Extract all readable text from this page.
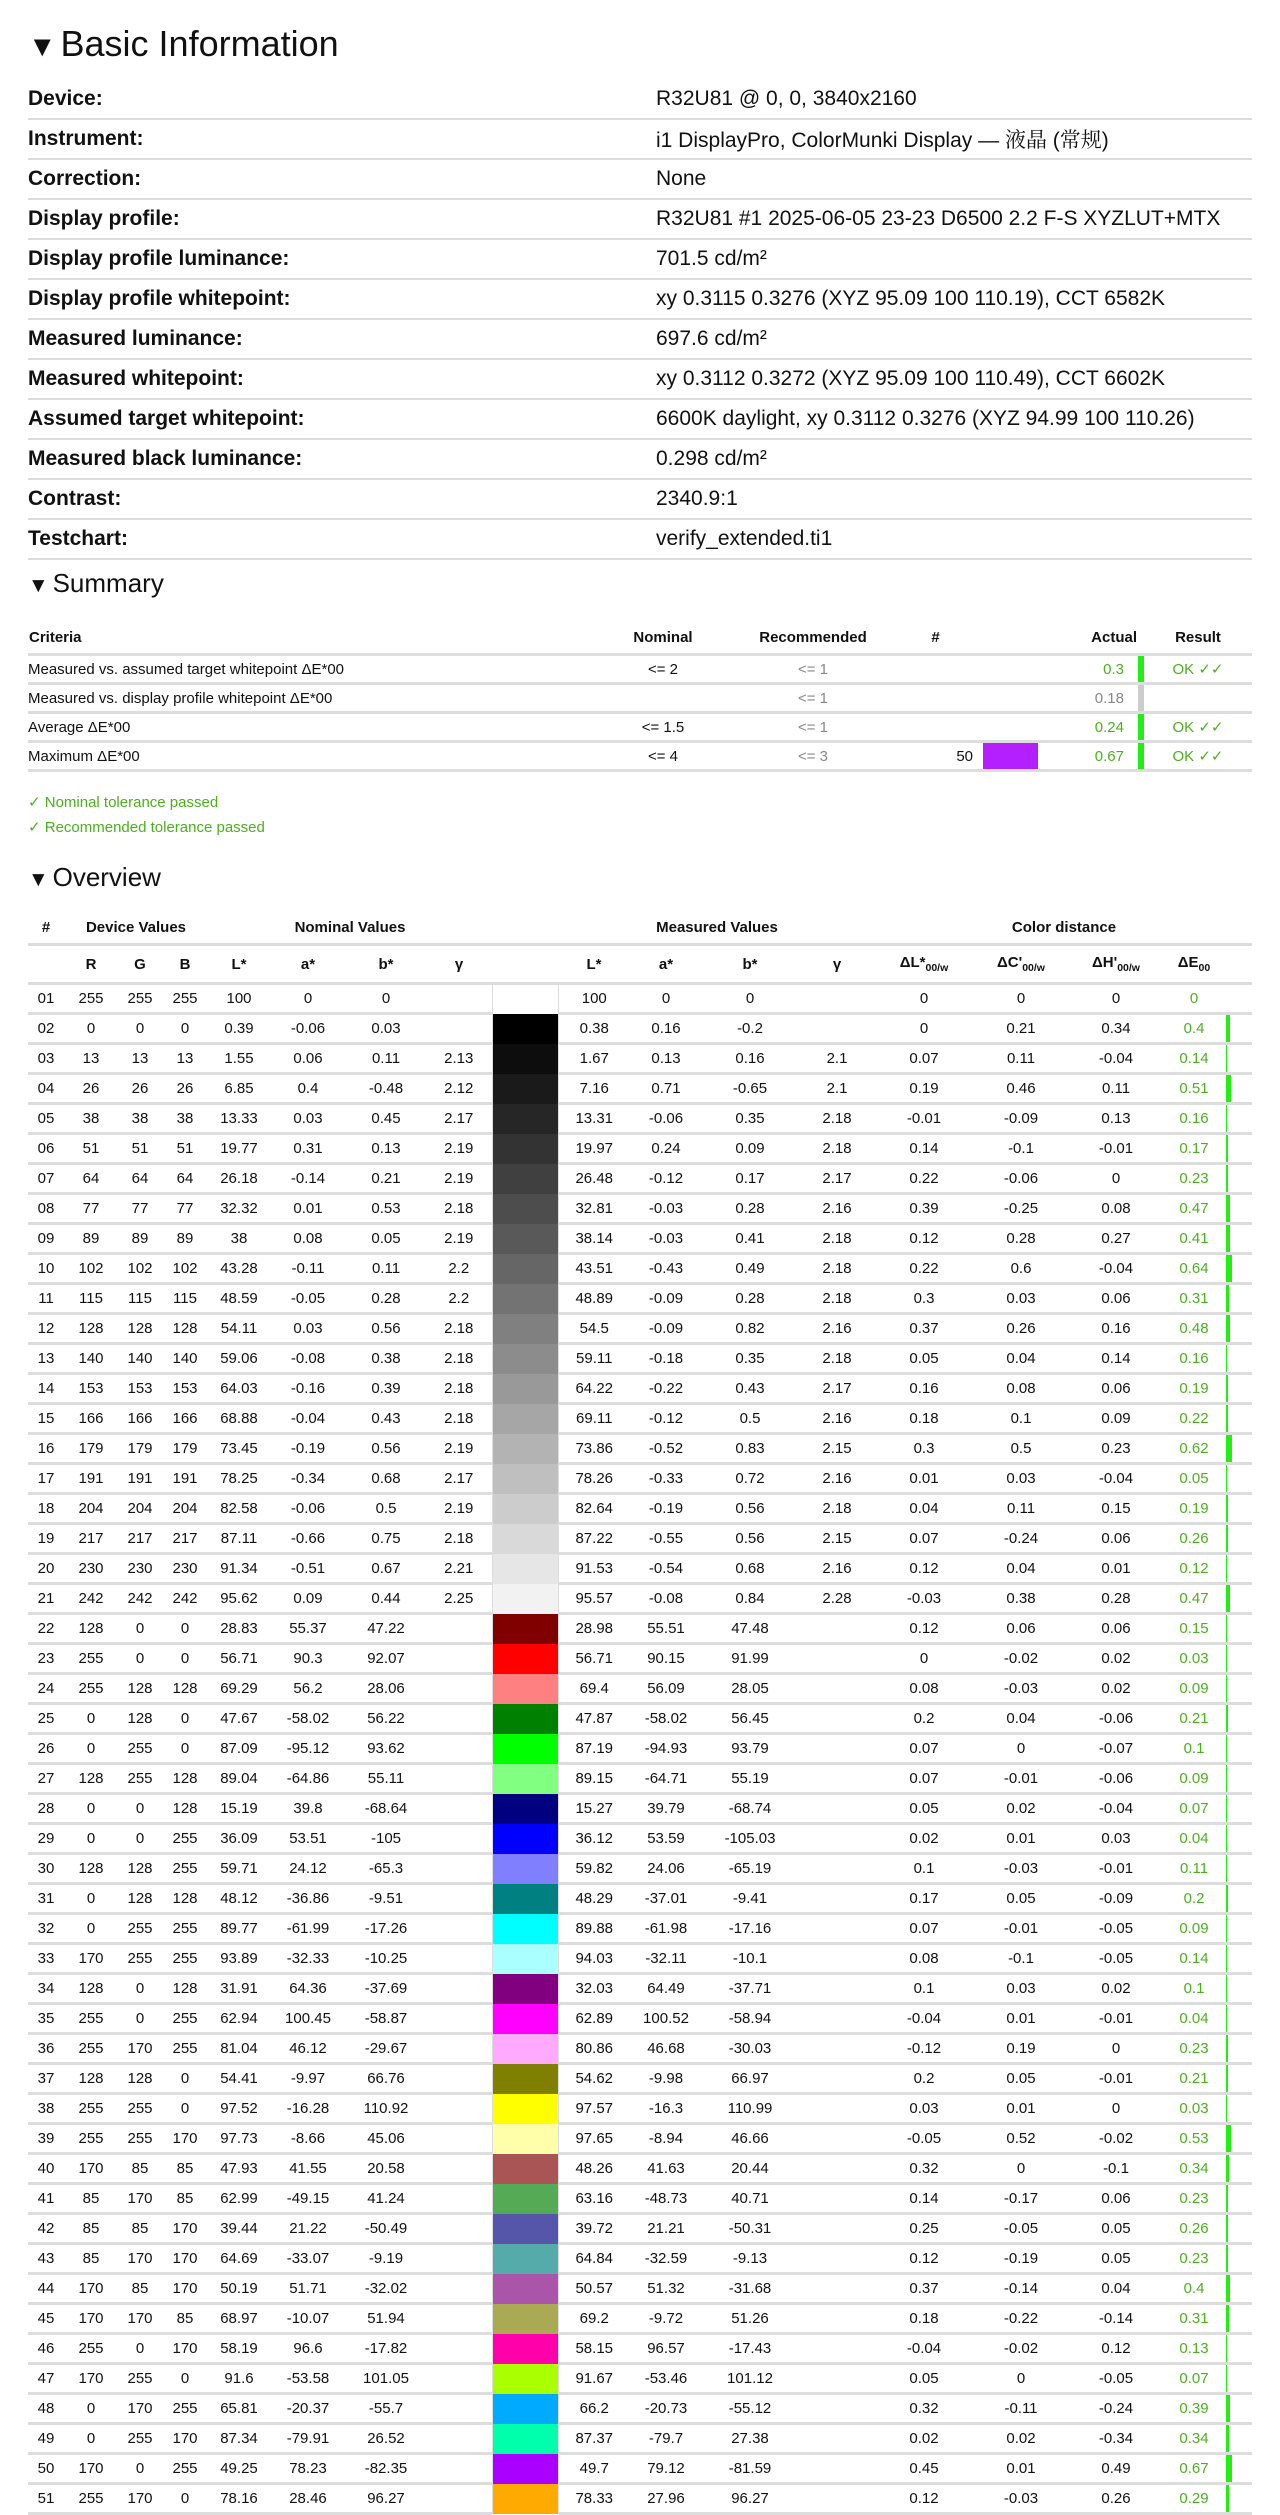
▼ Basic Information
Device:	R32U81 @ 0, 0, 3840x2160
Instrument:	i1 DisplayPro, ColorMunki Display — 液晶 (常规)
Correction:	None
Display profile:	R32U81 #1 2025-06-05 23-23 D6500 2.2 F-S XYZLUT+MTX
Display profile luminance:	701.5 cd/m²
Display profile whitepoint:	xy 0.3115 0.3276 (XYZ 95.09 100 110.19), CCT 6582K
Measured luminance:	697.6 cd/m²
Measured whitepoint:	xy 0.3112 0.3272 (XYZ 95.09 100 110.49), CCT 6602K
Assumed target whitepoint:	6600K daylight, xy 0.3112 0.3276 (XYZ 94.99 100 110.26)
Measured black luminance:	0.298 cd/m²
Contrast:	2340.9:1
Testchart:	verify_extended.ti1
▼ Summary
Criteria	Nominal	Recommended	#		Actual		Result
Measured vs. assumed target whitepoint ΔE*00	<= 2	<= 1			0.3		OK ✓✓
Measured vs. display profile whitepoint ΔE*00		<= 1			0.18		
Average ΔE*00	<= 1.5	<= 1			0.24		OK ✓✓
Maximum ΔE*00	<= 4	<= 3	50		0.67		OK ✓✓
✓ Nominal tolerance passed
✓ Recommended tolerance passed
▼ Overview
#	Device Values			Nominal Values					Measured Values				Color distance				
	R	G	B	L*	a*	b*	γ		L*	a*	b*	γ	$\Delta L*_{00/w}$	$\Delta C'_{00/w}$	$\Delta H'_{00/w}$	$\Delta E_{00}$	
01	255	255	255	100	0	0			100	0	0		0	0	0	0	
02	0	0	0	0.39	-0.06	0.03			0.38	0.16	-0.2		0	0.21	0.34	0.4	
03	13	13	13	1.55	0.06	0.11	2.13		1.67	0.13	0.16	2.1	0.07	0.11	-0.04	0.14	
04	26	26	26	6.85	0.4	-0.48	2.12		7.16	0.71	-0.65	2.1	0.19	0.46	0.11	0.51	
05	38	38	38	13.33	0.03	0.45	2.17		13.31	-0.06	0.35	2.18	-0.01	-0.09	0.13	0.16	
06	51	51	51	19.77	0.31	0.13	2.19		19.97	0.24	0.09	2.18	0.14	-0.1	-0.01	0.17	
07	64	64	64	26.18	-0.14	0.21	2.19		26.48	-0.12	0.17	2.17	0.22	-0.06	0	0.23	
08	77	77	77	32.32	0.01	0.53	2.18		32.81	-0.03	0.28	2.16	0.39	-0.25	0.08	0.47	
09	89	89	89	38	0.08	0.05	2.19		38.14	-0.03	0.41	2.18	0.12	0.28	0.27	0.41	
10	102	102	102	43.28	-0.11	0.11	2.2		43.51	-0.43	0.49	2.18	0.22	0.6	-0.04	0.64	
11	115	115	115	48.59	-0.05	0.28	2.2		48.89	-0.09	0.28	2.18	0.3	0.03	0.06	0.31	
12	128	128	128	54.11	0.03	0.56	2.18		54.5	-0.09	0.82	2.16	0.37	0.26	0.16	0.48	
13	140	140	140	59.06	-0.08	0.38	2.18		59.11	-0.18	0.35	2.18	0.05	0.04	0.14	0.16	
14	153	153	153	64.03	-0.16	0.39	2.18		64.22	-0.22	0.43	2.17	0.16	0.08	0.06	0.19	
15	166	166	166	68.88	-0.04	0.43	2.18		69.11	-0.12	0.5	2.16	0.18	0.1	0.09	0.22	
16	179	179	179	73.45	-0.19	0.56	2.19		73.86	-0.52	0.83	2.15	0.3	0.5	0.23	0.62	
17	191	191	191	78.25	-0.34	0.68	2.17		78.26	-0.33	0.72	2.16	0.01	0.03	-0.04	0.05	
18	204	204	204	82.58	-0.06	0.5	2.19		82.64	-0.19	0.56	2.18	0.04	0.11	0.15	0.19	
19	217	217	217	87.11	-0.66	0.75	2.18		87.22	-0.55	0.56	2.15	0.07	-0.24	0.06	0.26	
20	230	230	230	91.34	-0.51	0.67	2.21		91.53	-0.54	0.68	2.16	0.12	0.04	0.01	0.12	
21	242	242	242	95.62	0.09	0.44	2.25		95.57	-0.08	0.84	2.28	-0.03	0.38	0.28	0.47	
22	128	0	0	28.83	55.37	47.22			28.98	55.51	47.48		0.12	0.06	0.06	0.15	
23	255	0	0	56.71	90.3	92.07			56.71	90.15	91.99		0	-0.02	0.02	0.03	
24	255	128	128	69.29	56.2	28.06			69.4	56.09	28.05		0.08	-0.03	0.02	0.09	
25	0	128	0	47.67	-58.02	56.22			47.87	-58.02	56.45		0.2	0.04	-0.06	0.21	
26	0	255	0	87.09	-95.12	93.62			87.19	-94.93	93.79		0.07	0	-0.07	0.1	
27	128	255	128	89.04	-64.86	55.11			89.15	-64.71	55.19		0.07	-0.01	-0.06	0.09	
28	0	0	128	15.19	39.8	-68.64			15.27	39.79	-68.74		0.05	0.02	-0.04	0.07	
29	0	0	255	36.09	53.51	-105			36.12	53.59	-105.03		0.02	0.01	0.03	0.04	
30	128	128	255	59.71	24.12	-65.3			59.82	24.06	-65.19		0.1	-0.03	-0.01	0.11	
31	0	128	128	48.12	-36.86	-9.51			48.29	-37.01	-9.41		0.17	0.05	-0.09	0.2	
32	0	255	255	89.77	-61.99	-17.26			89.88	-61.98	-17.16		0.07	-0.01	-0.05	0.09	
33	170	255	255	93.89	-32.33	-10.25			94.03	-32.11	-10.1		0.08	-0.1	-0.05	0.14	
34	128	0	128	31.91	64.36	-37.69			32.03	64.49	-37.71		0.1	0.03	0.02	0.1	
35	255	0	255	62.94	100.45	-58.87			62.89	100.52	-58.94		-0.04	0.01	-0.01	0.04	
36	255	170	255	81.04	46.12	-29.67			80.86	46.68	-30.03		-0.12	0.19	0	0.23	
37	128	128	0	54.41	-9.97	66.76			54.62	-9.98	66.97		0.2	0.05	-0.01	0.21	
38	255	255	0	97.52	-16.28	110.92			97.57	-16.3	110.99		0.03	0.01	0	0.03	
39	255	255	170	97.73	-8.66	45.06			97.65	-8.94	46.66		-0.05	0.52	-0.02	0.53	
40	170	85	85	47.93	41.55	20.58			48.26	41.63	20.44		0.32	0	-0.1	0.34	
41	85	170	85	62.99	-49.15	41.24			63.16	-48.73	40.71		0.14	-0.17	0.06	0.23	
42	85	85	170	39.44	21.22	-50.49			39.72	21.21	-50.31		0.25	-0.05	0.05	0.26	
43	85	170	170	64.69	-33.07	-9.19			64.84	-32.59	-9.13		0.12	-0.19	0.05	0.23	
44	170	85	170	50.19	51.71	-32.02			50.57	51.32	-31.68		0.37	-0.14	0.04	0.4	
45	170	170	85	68.97	-10.07	51.94			69.2	-9.72	51.26		0.18	-0.22	-0.14	0.31	
46	255	0	170	58.19	96.6	-17.82			58.15	96.57	-17.43		-0.04	-0.02	0.12	0.13	
47	170	255	0	91.6	-53.58	101.05			91.67	-53.46	101.12		0.05	0	-0.05	0.07	
48	0	170	255	65.81	-20.37	-55.7			66.2	-20.73	-55.12		0.32	-0.11	-0.24	0.39	
49	0	255	170	87.34	-79.91	26.52			87.37	-79.7	27.38		0.02	0.02	-0.34	0.34	
50	170	0	255	49.25	78.23	-82.35			49.7	79.12	-81.59		0.45	0.01	0.49	0.67	
51	255	170	0	78.16	28.46	96.27			78.33	27.96	96.27		0.12	-0.03	0.26	0.29	
